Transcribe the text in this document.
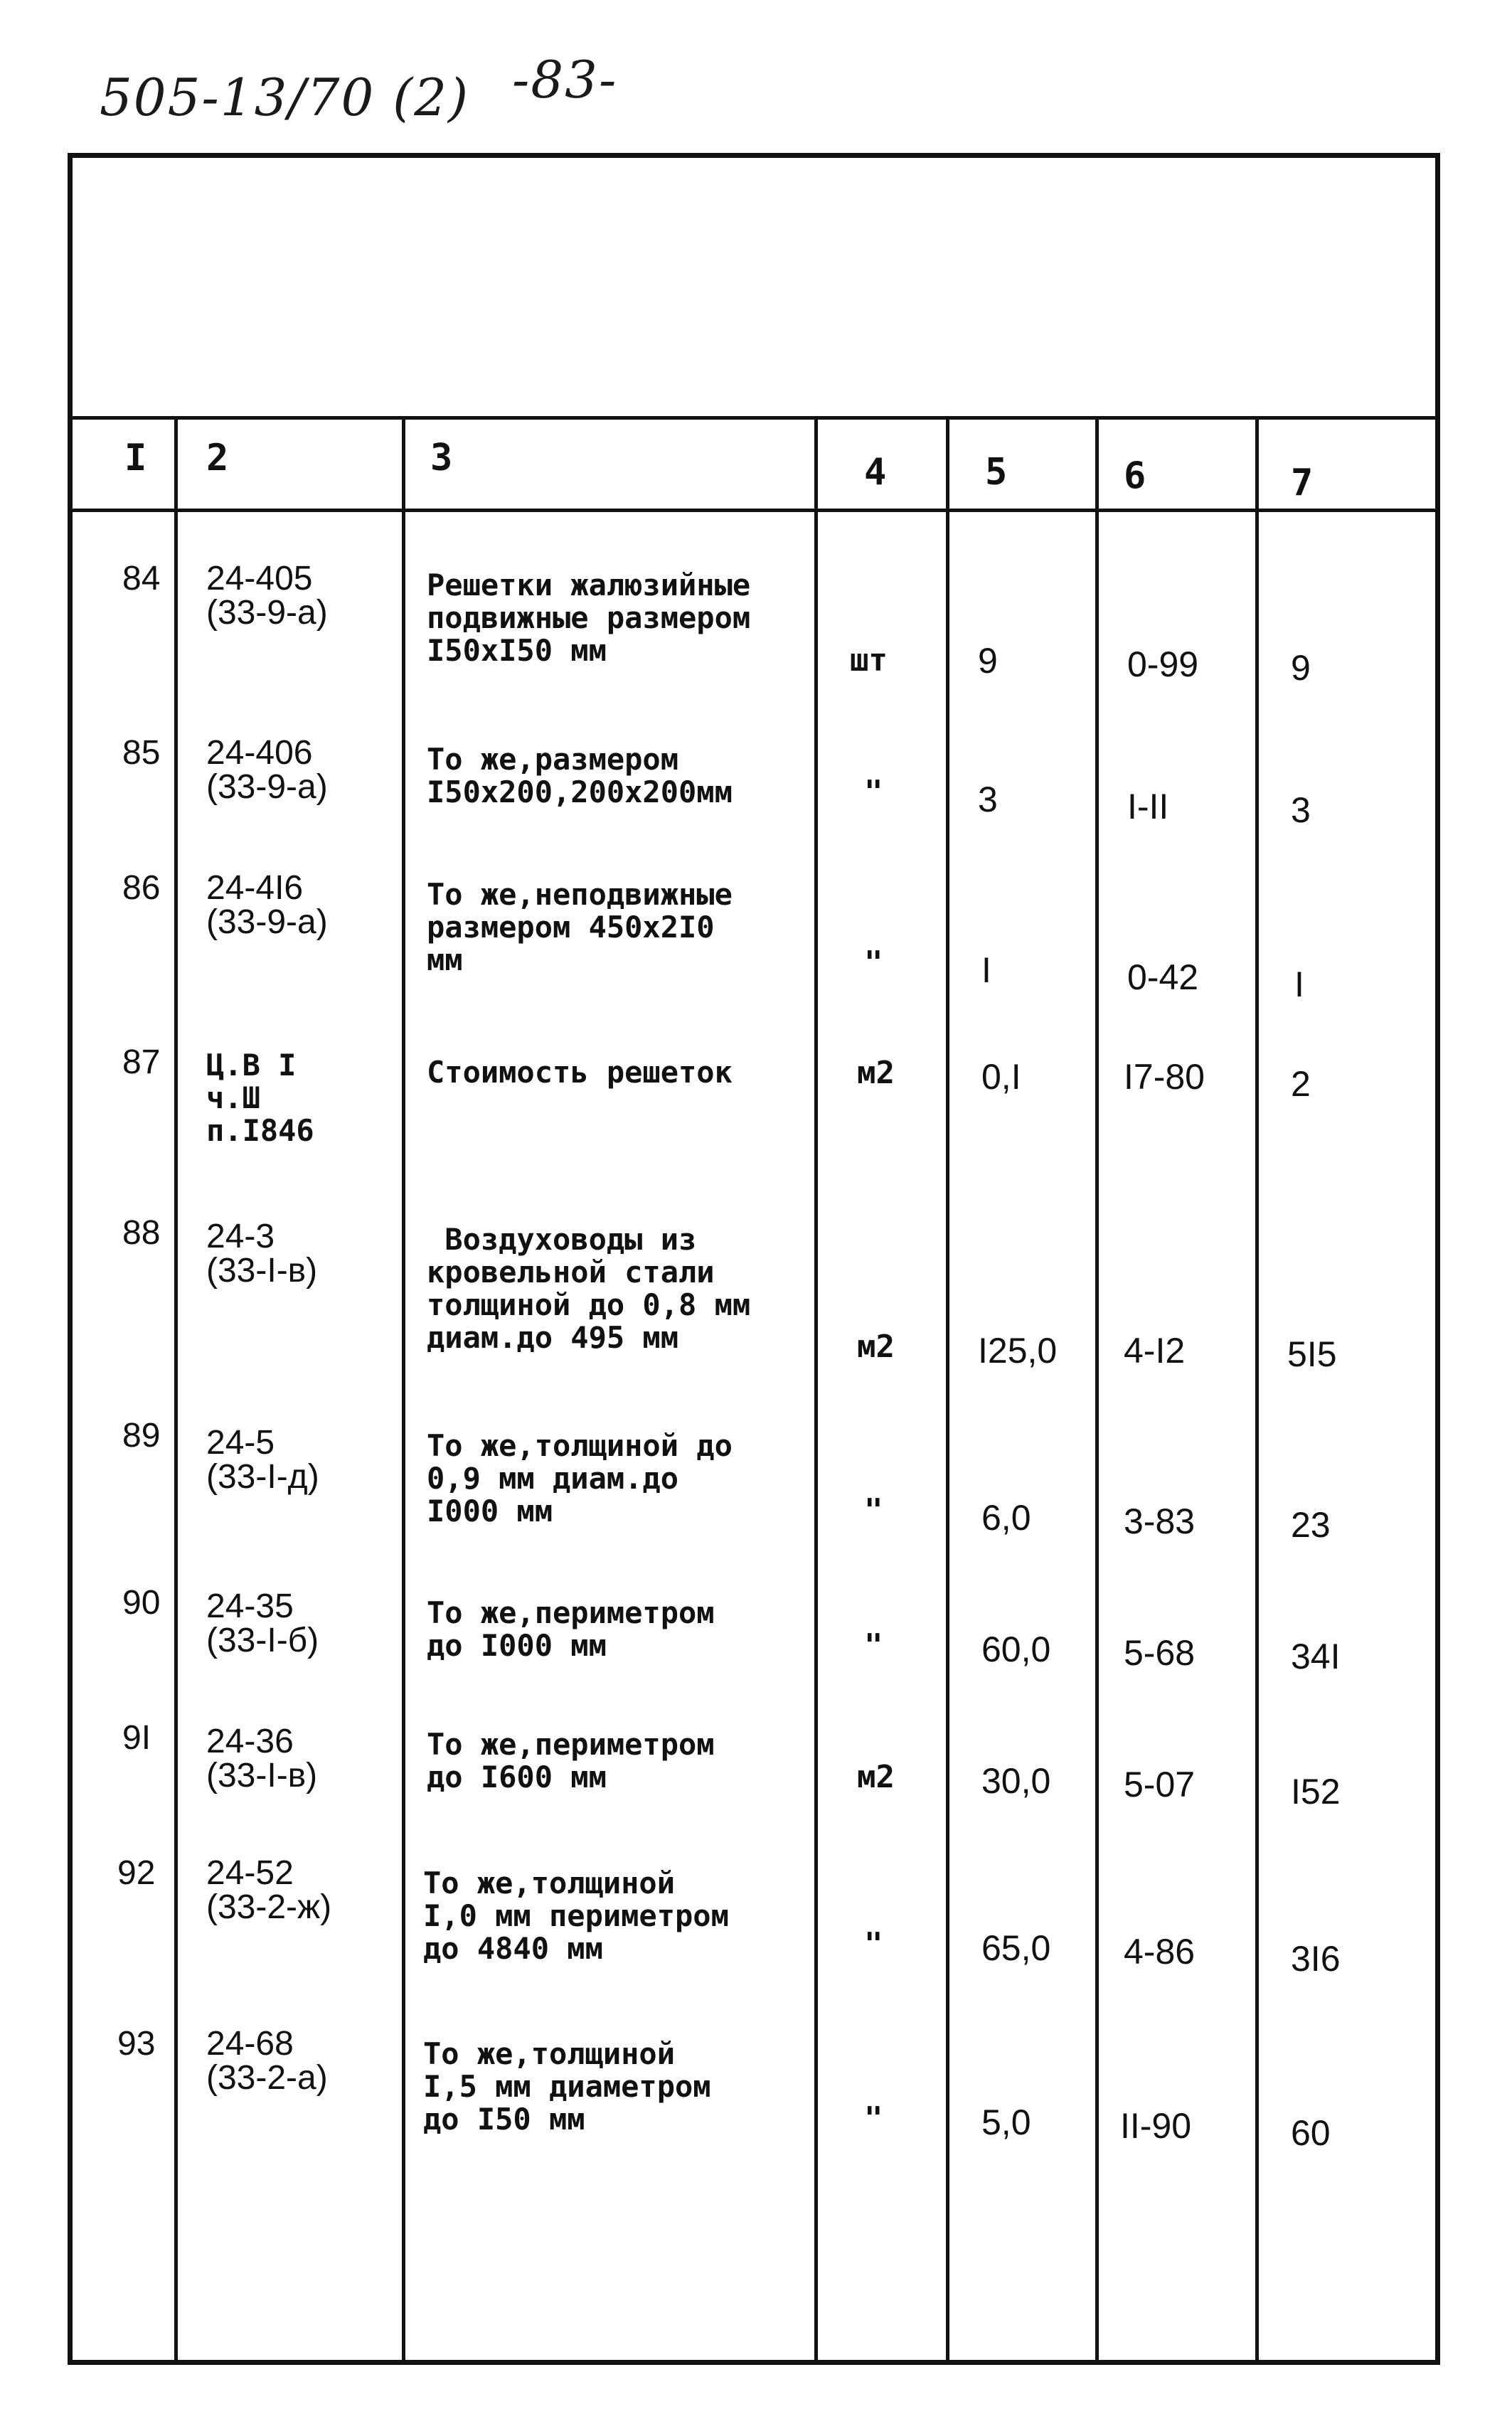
505-13/70 (2) -83-
I 2	3	4	5	6	7
84 24-405
(33-9-а)
Решетки жалюзийные
подвижные размером
I50хI50 мм	шт	9	0-99	9
85 24-406
(33-9-а)
То же,размером
I50х200,200х200мм	"	3	I-II	3
86 24-4I6
(33-9-а)
То же,неподвижные
размером 450х2I0
мм	"	I	0-42	I
87 Ц.В I
ч.Ш
п.I846
Стоимость решеток	м2 0,I	I7-80 2
88 24-3
(33-I-в)
Воздуховоды из
кровельной стали
толщиной до 0,8 мм
диам.до 495 мм	м2 I25,0 4-I2	5I5
89 24-5
(33-I-д)
То же,толщиной до
0,9 мм диам.до
I000 мм	"	6,0	3-83	23
90 24-35
(33-I-б)
То же,периметром
до I000 мм	"	60,0 5-68	34I
9I 24-36
(33-I-в)
То же,периметром
до I600 мм	м2 30,0 5-07	I52
92 24-52
(33-2-ж)
То же,толщиной
I,0 мм периметром
до 4840 мм	"	65,0 4-86	3I6
93 24-68
(33-2-а)
То же,толщиной
I,5 мм диаметром
до I50 мм	"	5,0	II-90	60
